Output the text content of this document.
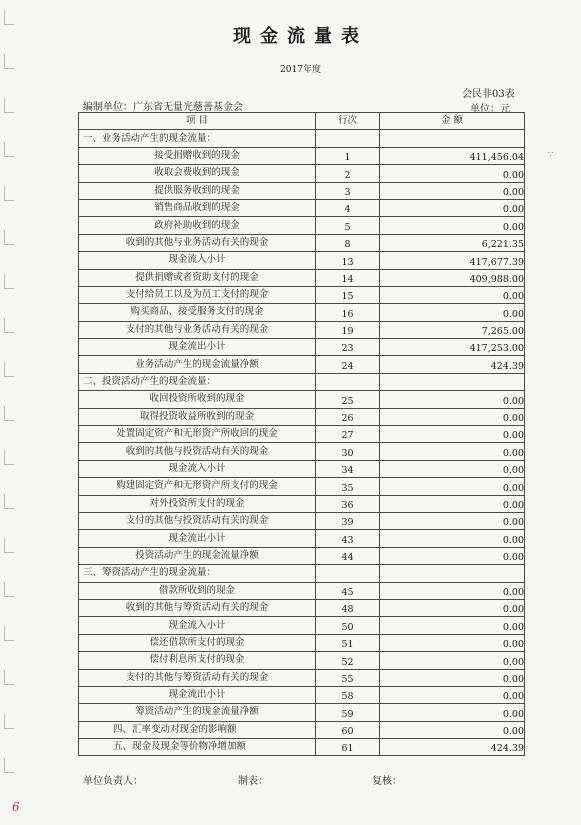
现金流量表
2017年度
会民非03表
编制单位：广东省无量光慈善基金会	单位：元
项 目	行次	金 额
一、业务活动产生的现金流量：		
接受捐赠收到的现金	1	411,456.04
收取会费收到的现金	2	0.00
提供服务收到的现金	3	0.00
销售商品收到的现金	4	0.00
政府补助收到的现金	5	0.00
收到的其他与业务活动有关的现金	8	6,221.35
现金流入小计	13	417,677.39
提供捐赠或者资助支付的现金	14	409,988.00
支付给员工以及为员工支付的现金	15	0.00
购买商品、接受服务支付的现金	16	0.00
支付的其他与业务活动有关的现金	19	7,265.00
现金流出小计	23	417,253.00
业务活动产生的现金流量净额	24	424.39
二、投资活动产生的现金流量：		
收回投资所收到的现金	25	0.00
取得投资收益所收到的现金	26	0.00
处置固定资产和无形资产所收回的现金	27	0.00
收到的其他与投资活动有关的现金	30	0.00
现金流入小计	34	0.00
购建固定资产和无形资产所支付的现金	35	0.00
对外投资所支付的现金	36	0.00
支付的其他与投资活动有关的现金	39	0.00
现金流出小计	43	0.00
投资活动产生的现金流量净额	44	0.00
三、筹资活动产生的现金流量：		
借款所收到的现金	45	0.00
收到的其他与筹资活动有关的现金	48	0.00
现金流入小计	50	0.00
偿还借款所支付的现金	51	0.00
偿付利息所支付的现金	52	0.00
支付的其他与筹资活动有关的现金	55	0.00
现金流出小计	58	0.00
筹资活动产生的现金流量净额	59	0.00
四、汇率变动对现金的影响额	60	0.00
五、现金及现金等价物净增加额	61	424.39
单位负责人：	制表：	复核：
6
∵
